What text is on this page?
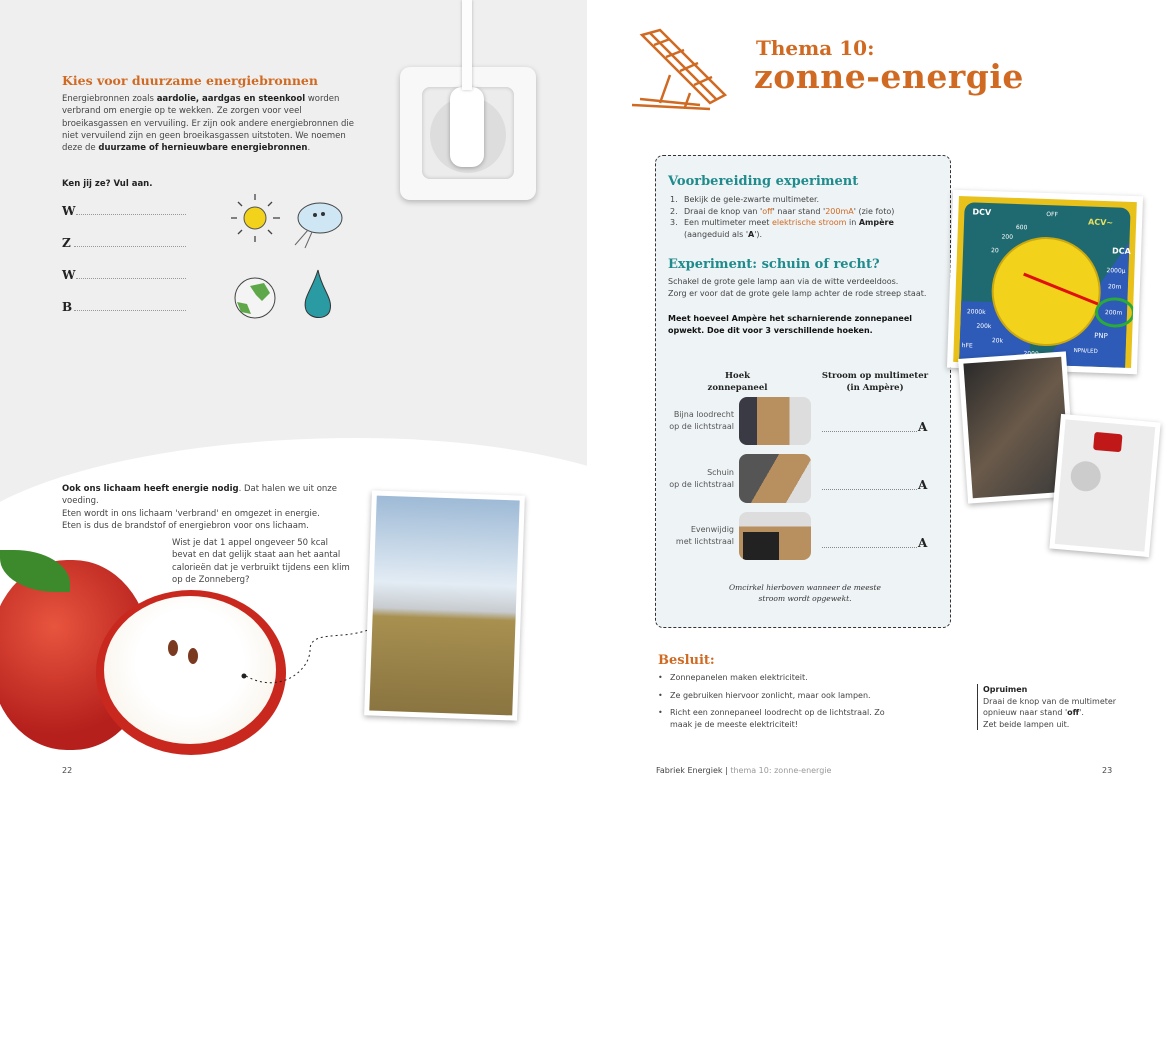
Kies voor duurzame energiebronnen
Energiebronnen zoals aardolie, aardgas en steenkool worden verbrand om energie op te wekken. Ze zorgen voor veel broeikasgassen en vervuiling. Er zijn ook andere energiebronnen die niet vervuilend zijn en geen broeikasgassen uitstoten. We noemen deze de duurzame of hernieuwbare energiebronnen.
Ken jij ze? Vul aan.
W
Z
W
B
Ook ons lichaam heeft energie nodig. Dat halen we uit onze voeding.
Eten wordt in ons lichaam 'verbrand' en omgezet in energie.
Eten is dus de brandstof of energiebron voor ons lichaam.
Wist je dat 1 appel ongeveer 50 kcal bevat en dat gelijk staat aan het aantal calorieën dat je verbruikt tijdens een klim op de Zonneberg?
22
Thema 10:
zonne-energie
Voorbereiding experiment
1. Bekijk de gele-zwarte multimeter.
2. Draai de knop van 'off' naar stand '200mA' (zie foto)
3. Een multimeter meet elektrische stroom in Ampère (aangeduid als 'A').
Experiment: schuin of recht?
Schakel de grote gele lamp aan via de witte verdeeldoos.
Zorg er voor dat de grote gele lamp achter de rode streep staat.
Meet hoeveel Ampère het scharnierende zonnepaneel opwekt. Doe dit voor 3 verschillende hoeken.
Hoek zonnepaneel
Stroom op multimeter (in Ampère)
Bijna loodrecht
op de lichtstraal	A
Schuin
op de lichtstraal	A
Evenwijdig
met lichtstraal	A
Omcirkel hierboven wanneer de meeste stroom wordt opgewekt.
DCV	OFF
ACV~
DCA
600
200
20
2000µ
20m
200m
PNP
NPN/LED
2000k
200k
20k
hFE
Besluit:
• Zonnepanelen maken elektriciteit.
• Ze gebruiken hiervoor zonlicht, maar ook lampen.
• Richt een zonnepaneel loodrecht op de lichtstraal. Zo maak je de meeste elektriciteit!
Opruimen
Draai de knop van de multimeter opnieuw naar stand 'off'.
Zet beide lampen uit.
Fabriek Energiek | thema 10: zonne-energie	23
